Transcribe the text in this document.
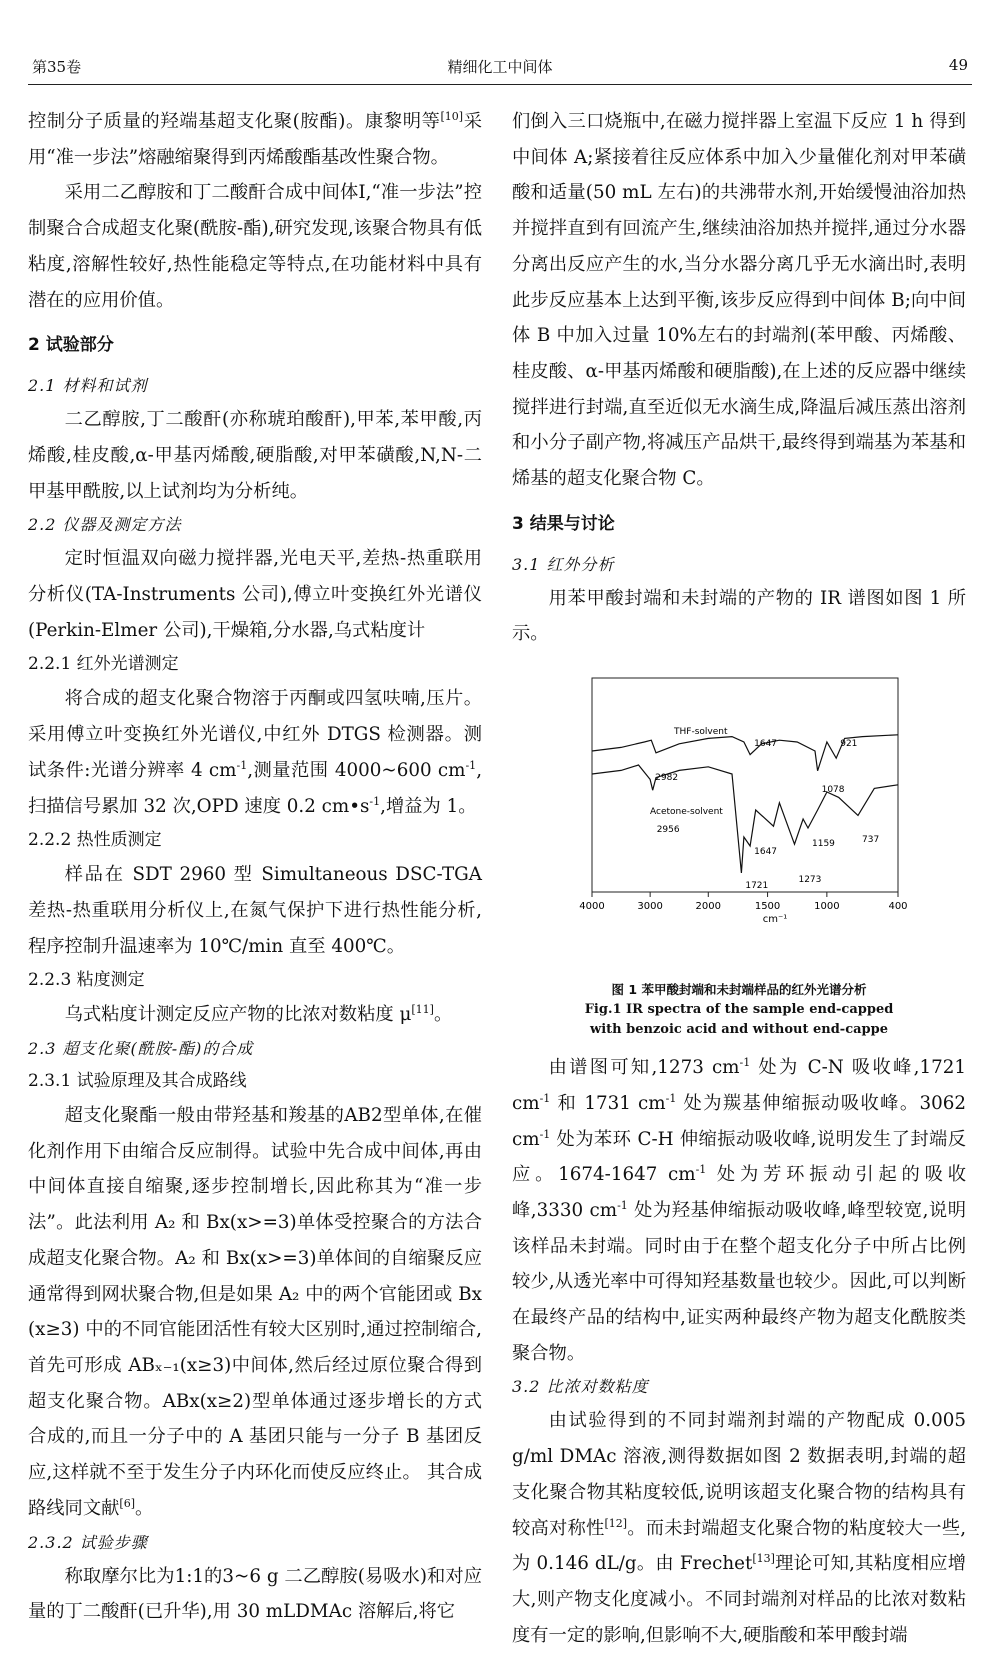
第35卷	精细化工中间体	49

控制分子质量的羟端基超支化聚(胺酯)。康黎明等[10]采用“准一步法”熔融缩聚得到丙烯酸酯基改性聚合物。

采用二乙醇胺和丁二酸酐合成中间体Ⅰ,“准一步法”控制聚合合成超支化聚(酰胺-酯),研究发现,该聚合物具有低粘度,溶解性较好,热性能稳定等特点,在功能材料中具有潜在的应用价值。

2 试验部分

2.1 材料和试剂

二乙醇胺,丁二酸酐(亦称琥珀酸酐),甲苯,苯甲酸,丙烯酸,桂皮酸,α-甲基丙烯酸,硬脂酸,对甲苯磺酸,N,N-二甲基甲酰胺,以上试剂均为分析纯。

2.2 仪器及测定方法

定时恒温双向磁力搅拌器,光电天平,差热-热重联用分析仪(TA-Instruments 公司),傅立叶变换红外光谱仪(Perkin-Elmer 公司),干燥箱,分水器,乌式粘度计

2.2.1 红外光谱测定

将合成的超支化聚合物溶于丙酮或四氢呋喃,压片。采用傅立叶变换红外光谱仪,中红外 DTGS 检测器。测试条件:光谱分辨率 4 $cm^{-1}$,测量范围 4000~600 $cm^{-1}$,扫描信号累加 32 次,OPD 速度 0.2 $cm•s^{-1}$,增益为 1。

2.2.2 热性质测定

样品在 SDT 2960 型 Simultaneous DSC-TGA 差热-热重联用分析仪上,在氮气保护下进行热性能分析,程序控制升温速率为 10℃/min 直至 400℃。

2.2.3 粘度测定

乌式粘度计测定反应产物的比浓对数粘度 μ[11]。

2.3 超支化聚(酰胺-酯)的合成

2.3.1 试验原理及其合成路线

超支化聚酯一般由带羟基和羧基的AB2型单体,在催化剂作用下由缩合反应制得。试验中先合成中间体,再由中间体直接自缩聚,逐步控制增长,因此称其为“准一步法”。此法利用 A₂ 和 Bx(x>=3)单体受控聚合的方法合成超支化聚合物。A₂ 和 Bx(x>=3)单体间的自缩聚反应通常得到网状聚合物,但是如果 A₂ 中的两个官能团或 Bx (x≥3) 中的不同官能团活性有较大区别时,通过控制缩合,首先可形成 ABₓ₋₁(x≥3)中间体,然后经过原位聚合得到超支化聚合物。ABx(x≥2)型单体通过逐步增长的方式合成的,而且一分子中的 A 基团只能与一分子 B 基团反应,这样就不至于发生分子内环化而使反应终止。 其合成路线同文献[6]。

2.3.2 试验步骤

称取摩尔比为1:1的3~6 g 二乙醇胺(易吸水)和对应量的丁二酸酐(已升华),用 30 mLDMAc 溶解后,将它

们倒入三口烧瓶中,在磁力搅拌器上室温下反应 1 h 得到中间体 A;紧接着往反应体系中加入少量催化剂对甲苯磺酸和适量(50 mL 左右)的共沸带水剂,开始缓慢油浴加热并搅拌直到有回流产生,继续油浴加热并搅拌,通过分水器分离出反应产生的水,当分水器分离几乎无水滴出时,表明此步反应基本上达到平衡,该步反应得到中间体 B;向中间体 B 中加入过量 10%左右的封端剂(苯甲酸、丙烯酸、桂皮酸、α-甲基丙烯酸和硬脂酸),在上述的反应器中继续搅拌进行封端,直至近似无水滴生成,降温后减压蒸出溶剂和小分子副产物,将减压产品烘干,最终得到端基为苯基和烯基的超支化聚合物 C。

3 结果与讨论

3.1 红外分析

用苯甲酸封端和未封端的产物的 IR 谱图如图 1 所示。

4000	3000	2000	1500	1000	400
cm⁻¹
THF-solvent
Acetone-solvent
2956
2982
1647	921
1078
1721
1647
1273
1159	737

图 1 苯甲酸封端和未封端样品的红外光谱分析

Fig.1 IR spectra of the sample end-capped

with benzoic acid and without end-cappe

由谱图可知,1273 $cm^{-1}$ 处为 C-N 吸收峰,1721 $cm^{-1}$ 和 1731 $cm^{-1}$ 处为羰基伸缩振动吸收峰。3062 $cm^{-1}$ 处为苯环 C-H 伸缩振动吸收峰,说明发生了封端反应。1674-1647 $cm^{-1}$ 处为芳环振动引起的吸收峰,3330 $cm^{-1}$ 处为羟基伸缩振动吸收峰,峰型较宽,说明该样品未封端。同时由于在整个超支化分子中所占比例较少,从透光率中可得知羟基数量也较少。因此,可以判断在最终产品的结构中,证实两种最终产物为超支化酰胺类聚合物。

3.2 比浓对数粘度

由试验得到的不同封端剂封端的产物配成 0.005 g/ml DMAc 溶液,测得数据如图 2 数据表明,封端的超支化聚合物其粘度较低,说明该超支化聚合物的结构具有较高对称性[12]。而未封端超支化聚合物的粘度较大一些,为 0.146 dL/g。由 Frechet[13]理论可知,其粘度相应增大,则产物支化度减小。不同封端剂对样品的比浓对数粘度有一定的影响,但影响不大,硬脂酸和苯甲酸封端
